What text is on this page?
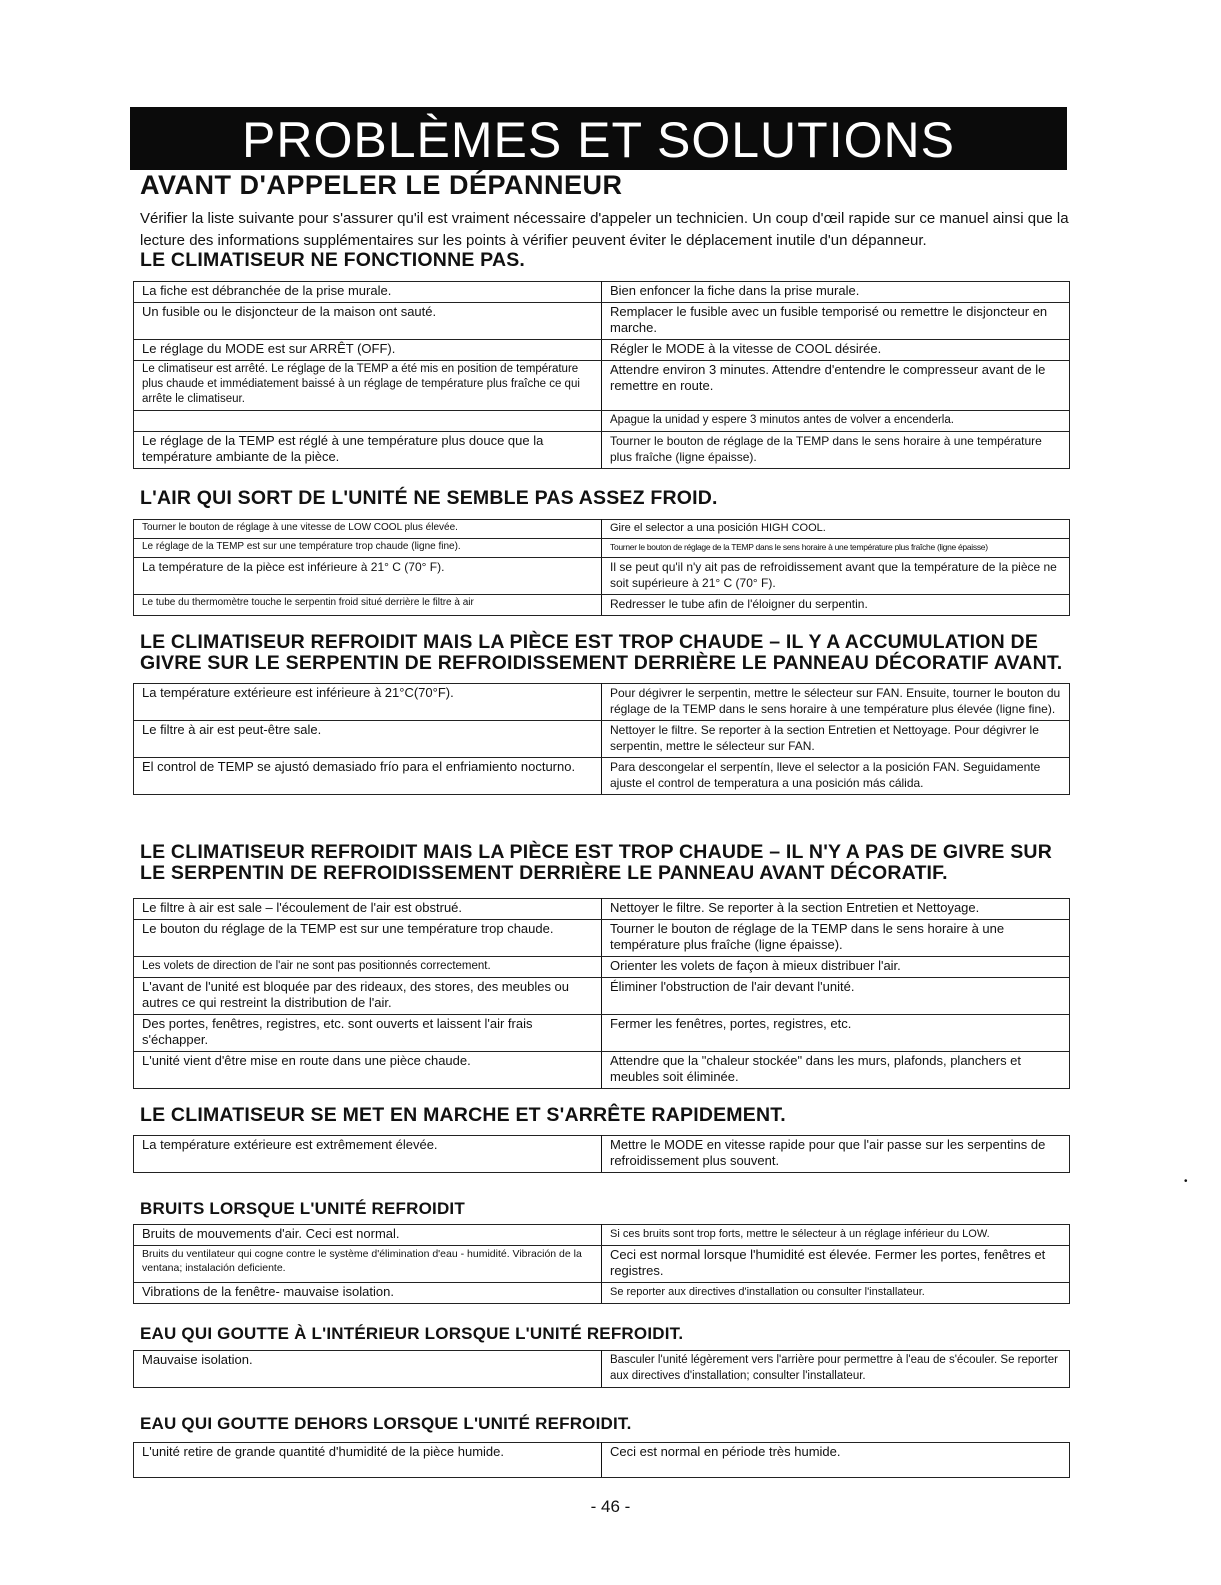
PROBLÈMES ET SOLUTIONS
AVANT D'APPELER LE DÉPANNEUR

Vérifier la liste suivante pour s'assurer qu'il est vraiment nécessaire d'appeler un technicien. Un coup d'œil rapide sur ce manuel ainsi que la lecture des informations supplémentaires sur les points à vérifier peuvent éviter le déplacement inutile d'un dépanneur.

LE CLIMATISEUR NE FONCTIONNE PAS.
La fiche est débranchée de la prise murale.	Bien enfoncer la fiche dans la prise murale.
Un fusible ou le disjoncteur de la maison ont sauté.	Remplacer le fusible avec un fusible temporisé ou remettre le disjoncteur en marche.
Le réglage du MODE est sur ARRÊT (OFF).	Régler le MODE à la vitesse de COOL désirée.
Le climatiseur est arrêté. Le réglage de la TEMP a été mis en position de température plus chaude et immédiatement baissé à un réglage de température plus fraîche ce qui arrête le climatiseur.	Attendre environ 3 minutes. Attendre d'entendre le compresseur avant de le remettre en route.
	Apague la unidad y espere 3 minutos antes de volver a encenderla.
Le réglage de la TEMP est réglé à une température plus douce que la température ambiante de la pièce.	Tourner le bouton de réglage de la TEMP dans le sens horaire à une température plus fraîche (ligne épaisse).
L'AIR QUI SORT DE L'UNITÉ NE SEMBLE PAS ASSEZ FROID.
Tourner le bouton de réglage à une vitesse de LOW COOL plus élevée.	Gire el selector a una posición HIGH COOL.
Le réglage de la TEMP est sur une température trop chaude (ligne fine).	Tourner le bouton de réglage de la TEMP dans le sens horaire à une température plus fraîche (ligne épaisse)
La température de la pièce est inférieure à 21° C (70° F).	Il se peut qu'il n'y ait pas de refroidissement avant que la température de la pièce ne soit supérieure à 21° C (70° F).
Le tube du thermomètre touche le serpentin froid situé derrière le filtre à air	Redresser le tube afin de l'éloigner du serpentin.
LE CLIMATISEUR REFROIDIT MAIS LA PIÈCE EST TROP CHAUDE – IL Y A ACCUMULATION DE GIVRE SUR LE SERPENTIN DE REFROIDISSEMENT DERRIÈRE LE PANNEAU DÉCORATIF AVANT.
La température extérieure est inférieure à 21°C(70°F).	Pour dégivrer le serpentin, mettre le sélecteur sur FAN. Ensuite, tourner le bouton du réglage de la TEMP dans le sens horaire à une température plus élevée (ligne fine).
Le filtre à air est peut-être sale.	Nettoyer le filtre. Se reporter à la section Entretien et Nettoyage. Pour dégivrer le serpentin, mettre le sélecteur sur FAN.
El control de TEMP se ajustó demasiado frío para el enfriamiento nocturno.	Para descongelar el serpentín, lleve el selector a la posición FAN. Seguidamente ajuste el control de temperatura a una posición más cálida.
LE CLIMATISEUR REFROIDIT MAIS LA PIÈCE EST TROP CHAUDE – IL N'Y A PAS DE GIVRE SUR LE SERPENTIN DE REFROIDISSEMENT DERRIÈRE LE PANNEAU AVANT DÉCORATIF.
Le filtre à air est sale – l'écoulement de l'air est obstrué.	Nettoyer le filtre. Se reporter à la section Entretien et Nettoyage.
Le bouton du réglage de la TEMP est sur une température trop chaude.	Tourner le bouton de réglage de la TEMP dans le sens horaire à une température plus fraîche (ligne épaisse).
Les volets de direction de l'air ne sont pas positionnés correctement.	Orienter les volets de façon à mieux distribuer l'air.
L'avant de l'unité est bloquée par des rideaux, des stores, des meubles ou autres ce qui restreint la distribution de l'air.	Éliminer l'obstruction de l'air devant l'unité.
Des portes, fenêtres, registres, etc. sont ouverts et laissent l'air frais s'échapper.	Fermer les fenêtres, portes, registres, etc.
L'unité vient d'être mise en route dans une pièce chaude.	Attendre que la "chaleur stockée" dans les murs, plafonds, planchers et meubles soit éliminée.
LE CLIMATISEUR SE MET EN MARCHE ET S'ARRÊTE RAPIDEMENT.
La température extérieure est extrêmement élevée.	Mettre le MODE en vitesse rapide pour que l'air passe sur les serpentins de refroidissement plus souvent.
BRUITS LORSQUE L'UNITÉ REFROIDIT
Bruits de mouvements d'air. Ceci est normal.	Si ces bruits sont trop forts, mettre le sélecteur à un réglage inférieur du LOW.
Bruits du ventilateur qui cogne contre le système d'élimination d'eau - humidité. Vibración de la ventana; instalación deficiente.	Ceci est normal lorsque l'humidité est élevée. Fermer les portes, fenêtres et registres.
Vibrations de la fenêtre- mauvaise isolation.	Se reporter aux directives d'installation ou consulter l'installateur.
EAU QUI GOUTTE À L'INTÉRIEUR LORSQUE L'UNITÉ REFROIDIT.
Mauvaise isolation.	Basculer l'unité légèrement vers l'arrière pour permettre à l'eau de s'écouler. Se reporter aux directives d'installation; consulter l'installateur.
EAU QUI GOUTTE DEHORS LORSQUE L'UNITÉ REFROIDIT.
L'unité retire de grande quantité d'humidité de la pièce humide.	Ceci est normal en période très humide.
- 46 -
•
